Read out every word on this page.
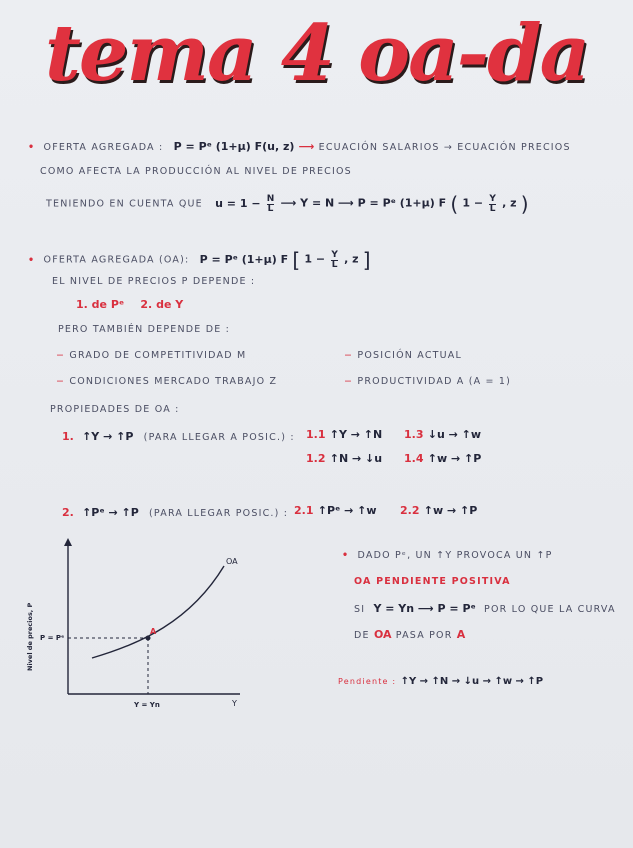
tema 4 oa-da
• OFERTA AGREGADA : P = Pᵉ (1+μ) F(u, z) ⟶ ECUACIÓN SALARIOS → ECUACIÓN PRECIOS
COMO AFECTA LA PRODUCCIÓN AL NIVEL DE PRECIOS
TENIENDO EN CUENTA QUE $u = 1 - \frac{N}{L}$ ⟶ Y = N ⟶ P = Pᵉ (1+μ) F ( $1 - \frac{Y}{L}$ , z )
• OFERTA AGREGADA (OA): P = Pᵉ (1+μ) F [ $1 - \frac{Y}{L}$ , z ]
EL NIVEL DE PRECIOS P DEPENDE :
1. de Pᵉ 2. de Y
PERO TAMBIÉN DEPENDE DE :
− GRADO DE COMPETITIVIDAD Μ	− POSICIÓN ACTUAL
− CONDICIONES MERCADO TRABAJO Z	− PRODUCTIVIDAD A (A = 1)
PROPIEDADES DE OA :
1. ↑Y → ↑P (PARA LLEGAR A POSIC.) : 1.1 ↑Y → ↑N 1.3 ↓u → ↑w
1.2 ↑N → ↓u 1.4 ↑w → ↑P
2. ↑Pᵉ → ↑P (PARA LLEGAR POSIC.) : 2.1 ↑Pᵉ → ↑w 2.2 ↑w → ↑P
A
OA
P = Pᵉ
Y = Yn	Y
Nivel de precios, P
• DADO Pᵉ, UN ↑Y PROVOCA UN ↑P
OA PENDIENTE POSITIVA
SI Y = Yn ⟶ P = Pᵉ POR LO QUE LA CURVA
DE OA PASA POR A
Pendiente : ↑Y → ↑N → ↓u → ↑w → ↑P
